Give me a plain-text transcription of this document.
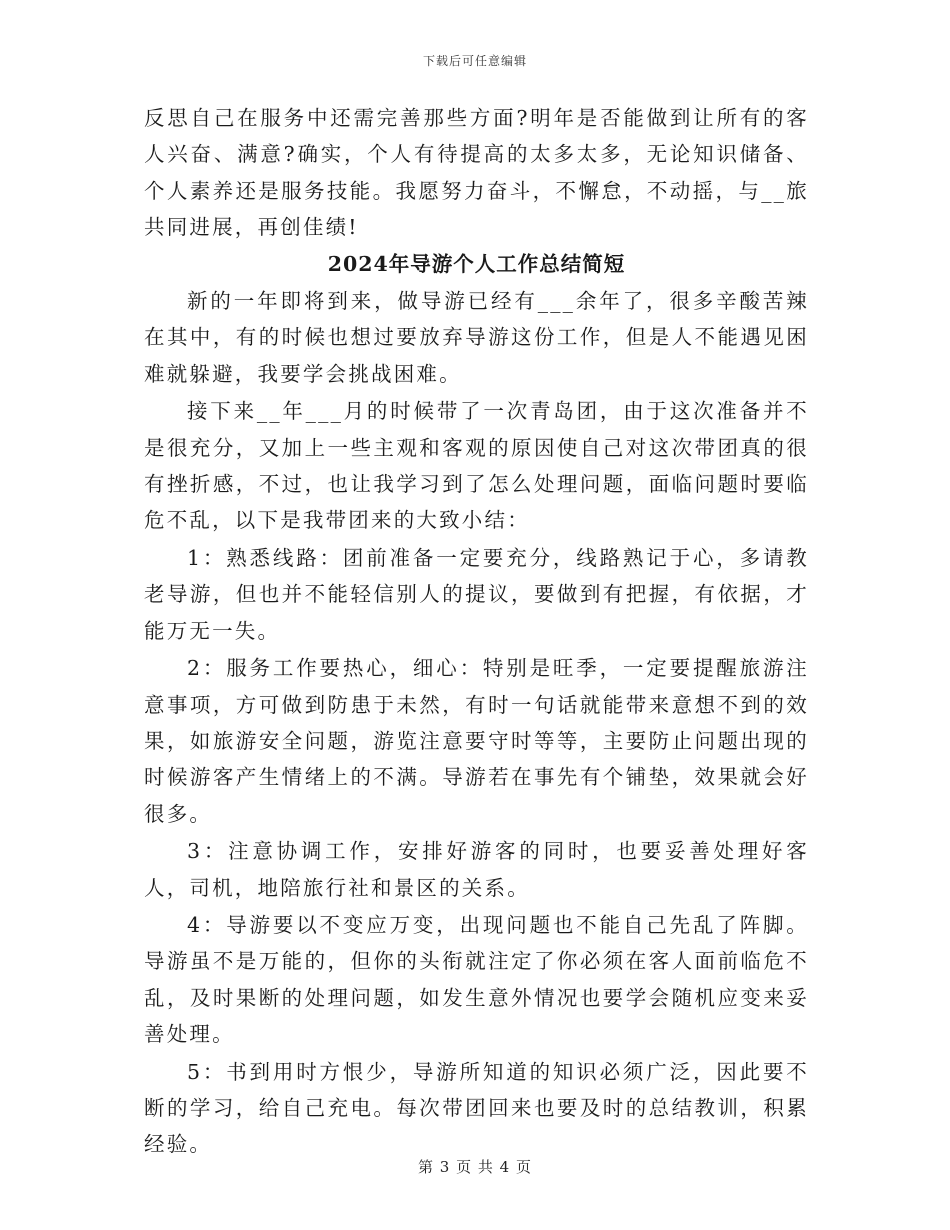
下载后可任意编辑

反思自己在服务中还需完善那些方面?明年是否能做到让所有的客人兴奋、满意?确实，个人有待提高的太多太多，无论知识储备、个人素养还是服务技能。我愿努力奋斗，不懈怠，不动摇，与__旅共同进展，再创佳绩!

2024年导游个人工作总结简短

新的一年即将到来，做导游已经有___余年了，很多辛酸苦辣在其中，有的时候也想过要放弃导游这份工作，但是人不能遇见困难就躲避，我要学会挑战困难。

接下来__年___月的时候带了一次青岛团，由于这次准备并不是很充分，又加上一些主观和客观的原因使自己对这次带团真的很有挫折感，不过，也让我学习到了怎么处理问题，面临问题时要临危不乱，以下是我带团来的大致小结：

1：熟悉线路：团前准备一定要充分，线路熟记于心，多请教老导游，但也并不能轻信别人的提议，要做到有把握，有依据，才能万无一失。

2：服务工作要热心，细心：特别是旺季，一定要提醒旅游注意事项，方可做到防患于未然，有时一句话就能带来意想不到的效果，如旅游安全问题，游览注意要守时等等，主要防止问题出现的时候游客产生情绪上的不满。导游若在事先有个铺垫，效果就会好很多。

3：注意协调工作，安排好游客的同时，也要妥善处理好客人，司机，地陪旅行社和景区的关系。

4：导游要以不变应万变，出现问题也不能自己先乱了阵脚。导游虽不是万能的，但你的头衔就注定了你必须在客人面前临危不乱，及时果断的处理问题，如发生意外情况也要学会随机应变来妥善处理。

5：书到用时方恨少，导游所知道的知识必须广泛，因此要不断的学习，给自己充电。每次带团回来也要及时的总结教训，积累经验。

第 3 页 共 4 页
